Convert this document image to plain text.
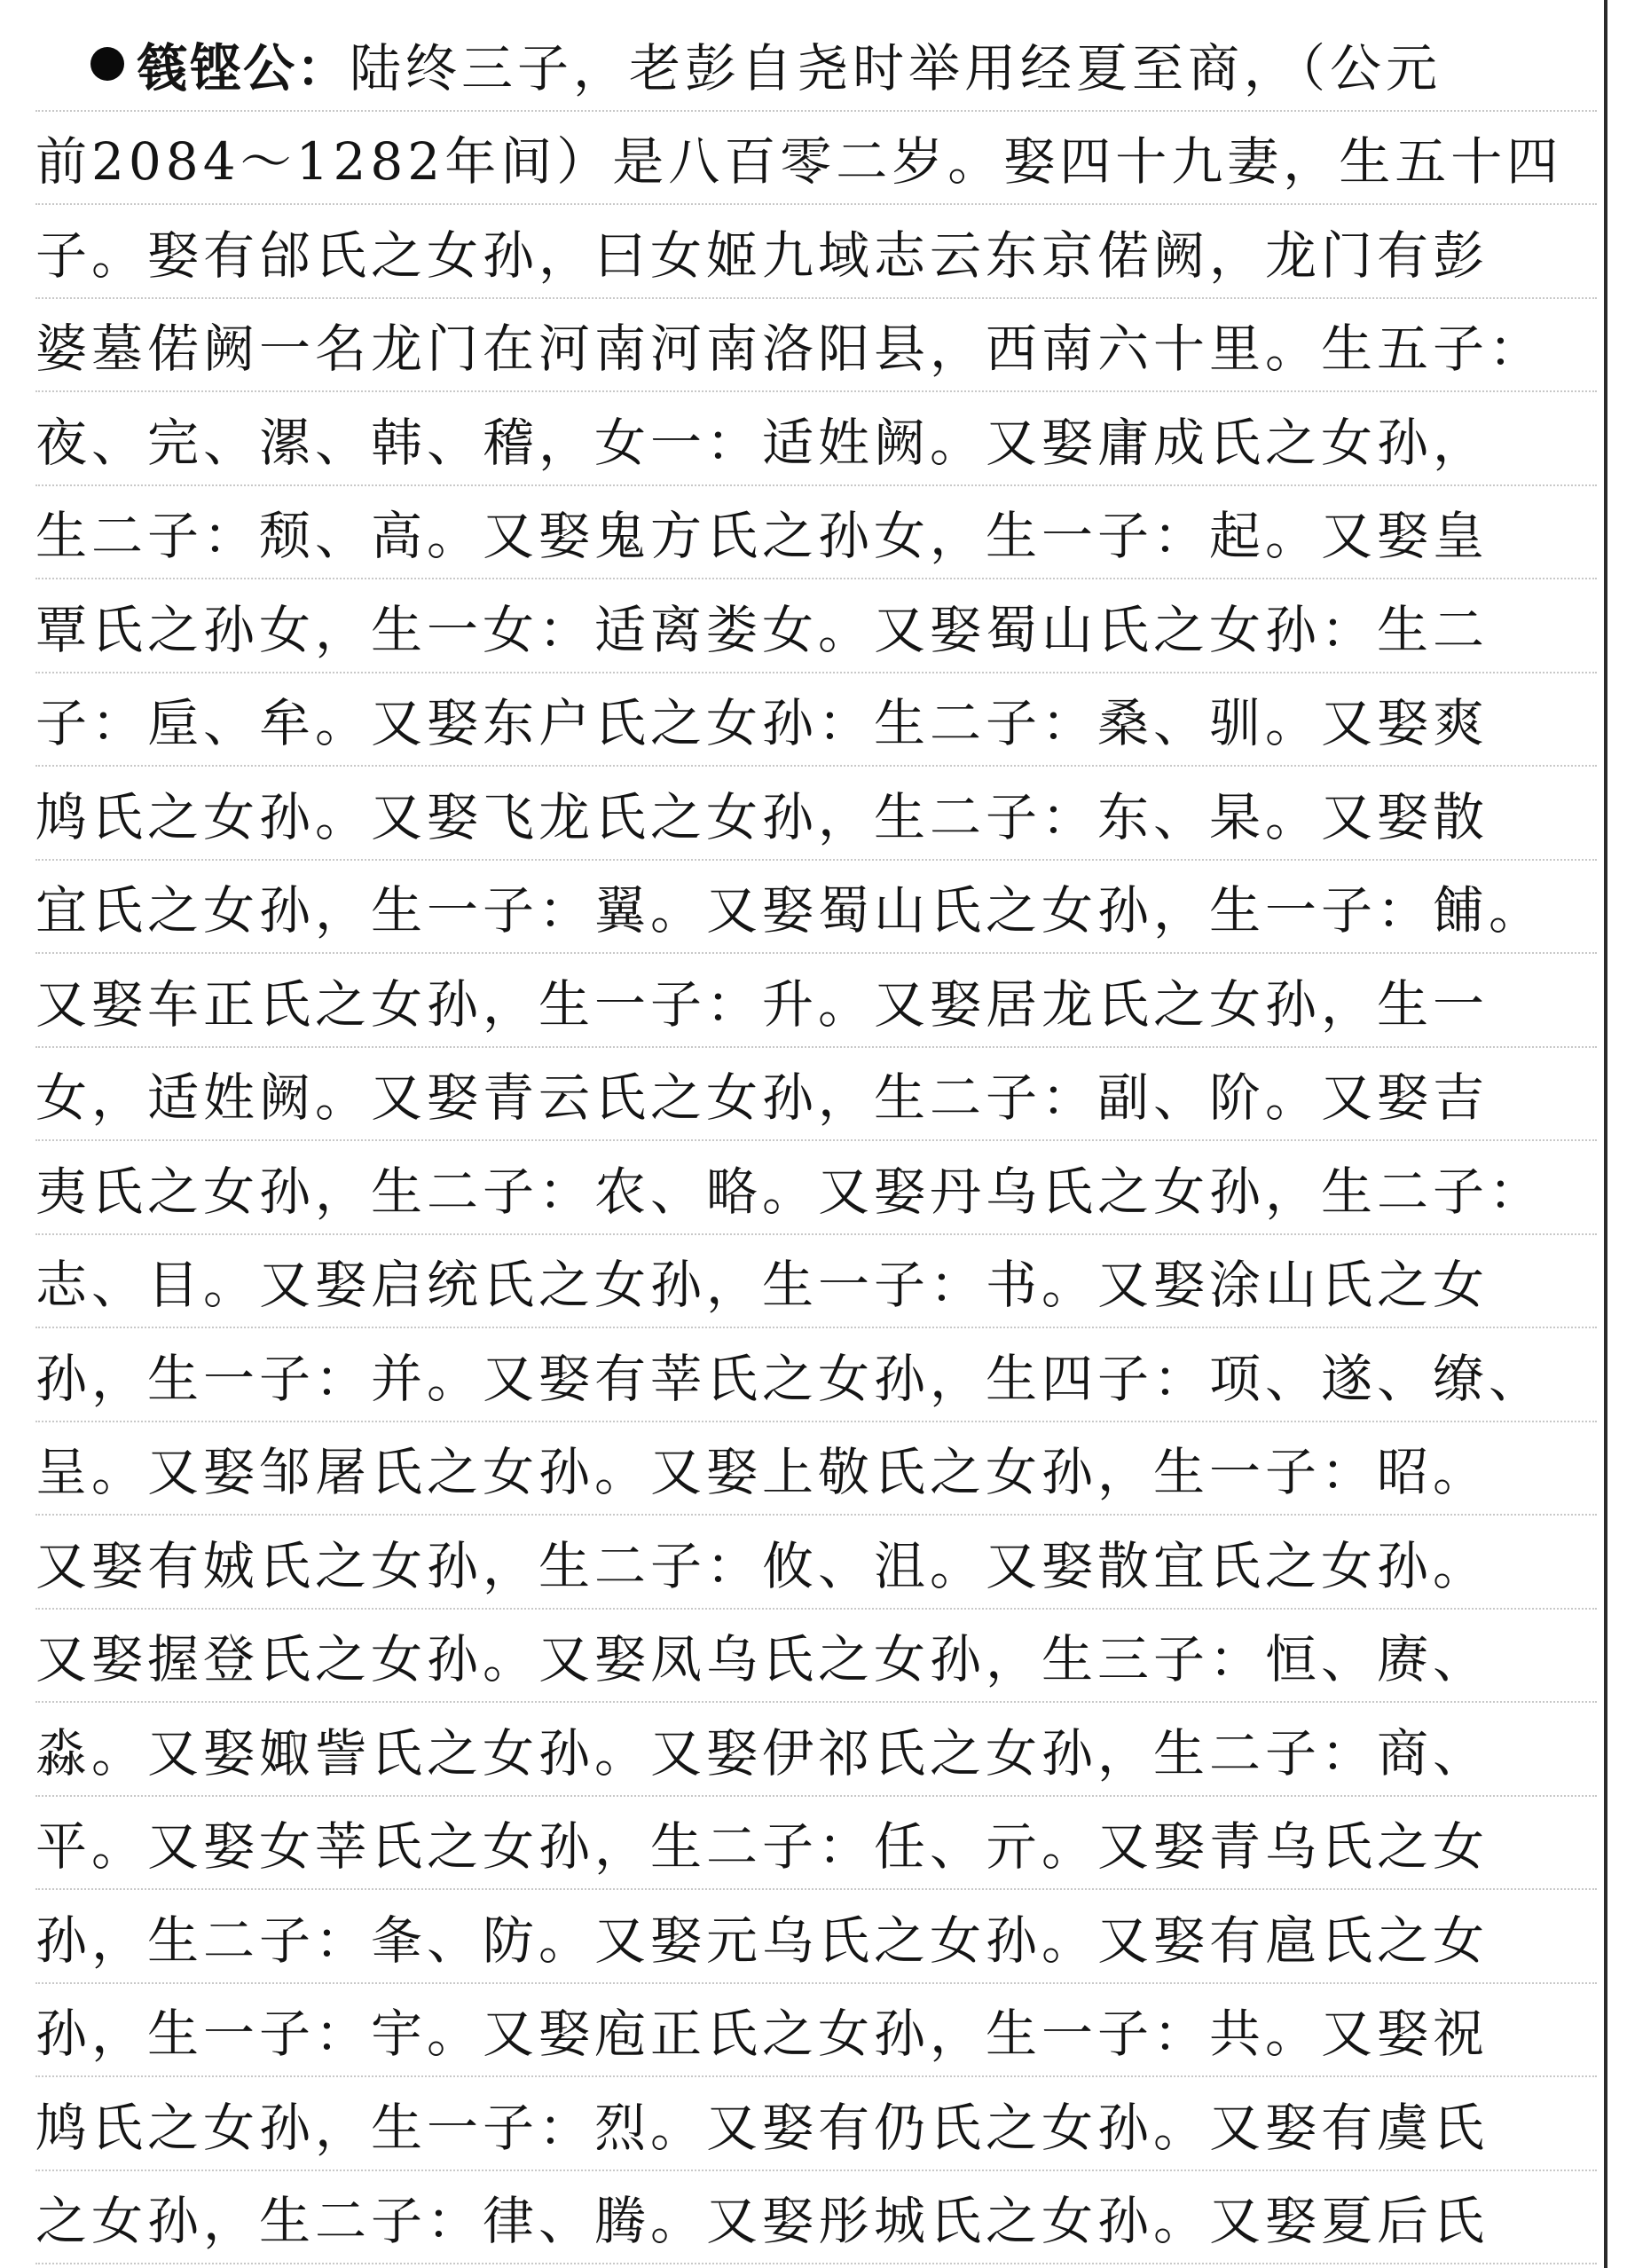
篯铿公： 陆终三子，老彭自尧时举用经夏至商，（公元
前2084～1282年间）是八百零二岁。娶四十九妻，生五十四
子。娶有邰氏之女孙，曰女姬九域志云东京偌阙，龙门有彭
婆墓偌阙一名龙门在河南河南洛阳县，西南六十里。生五子：
夜、完、漯、韩、稽，女一：适姓阙。又娶庸成氏之女孙，
生二子：颓、高。又娶鬼方氏之孙女，生一子：起。又娶皇
覃氏之孙女，生一女：适离娄女。又娶蜀山氏之女孙：生二
子：垕、牟。又娶东户氏之女孙：生二子：桑、驯。又娶爽
鸠氏之女孙。又娶飞龙氏之女孙，生二子：东、杲。又娶散
宜氏之女孙，生一子：翼。又娶蜀山氏之女孙，生一子：餔。
又娶车正氏之女孙，生一子：升。又娶居龙氏之女孙，生一
女，适姓阙。又娶青云氏之女孙，生二子：副、阶。又娶吉
夷氏之女孙，生二子：农、略。又娶丹乌氏之女孙，生二子：
志、目。又娶启统氏之女孙，生一子：书。又娶涂山氏之女
孙，生一子：并。又娶有莘氏之女孙，生四子：项、遂、缭、
呈。又娶邹屠氏之女孙。又娶上敬氏之女孙，生一子：昭。
又娶有娀氏之女孙，生二子：攸、沮。又娶散宜氏之女孙。
又娶握登氏之女孙。又娶凤乌氏之女孙，生三子：恒、赓、
淼。又娶娵訾氏之女孙。又娶伊祁氏之女孙，生二子：商、
平。又娶女莘氏之女孙，生二子：任、亓。又娶青乌氏之女
孙，生二子：夆、防。又娶元乌氏之女孙。又娶有扈氏之女
孙，生一子：宇。又娶庖正氏之女孙，生一子：共。又娶祝
鸠氏之女孙，生一子：烈。又娶有仍氏之女孙。又娶有虞氏
之女孙，生二子：律、腾。又娶彤城氏之女孙。又娶夏后氏
